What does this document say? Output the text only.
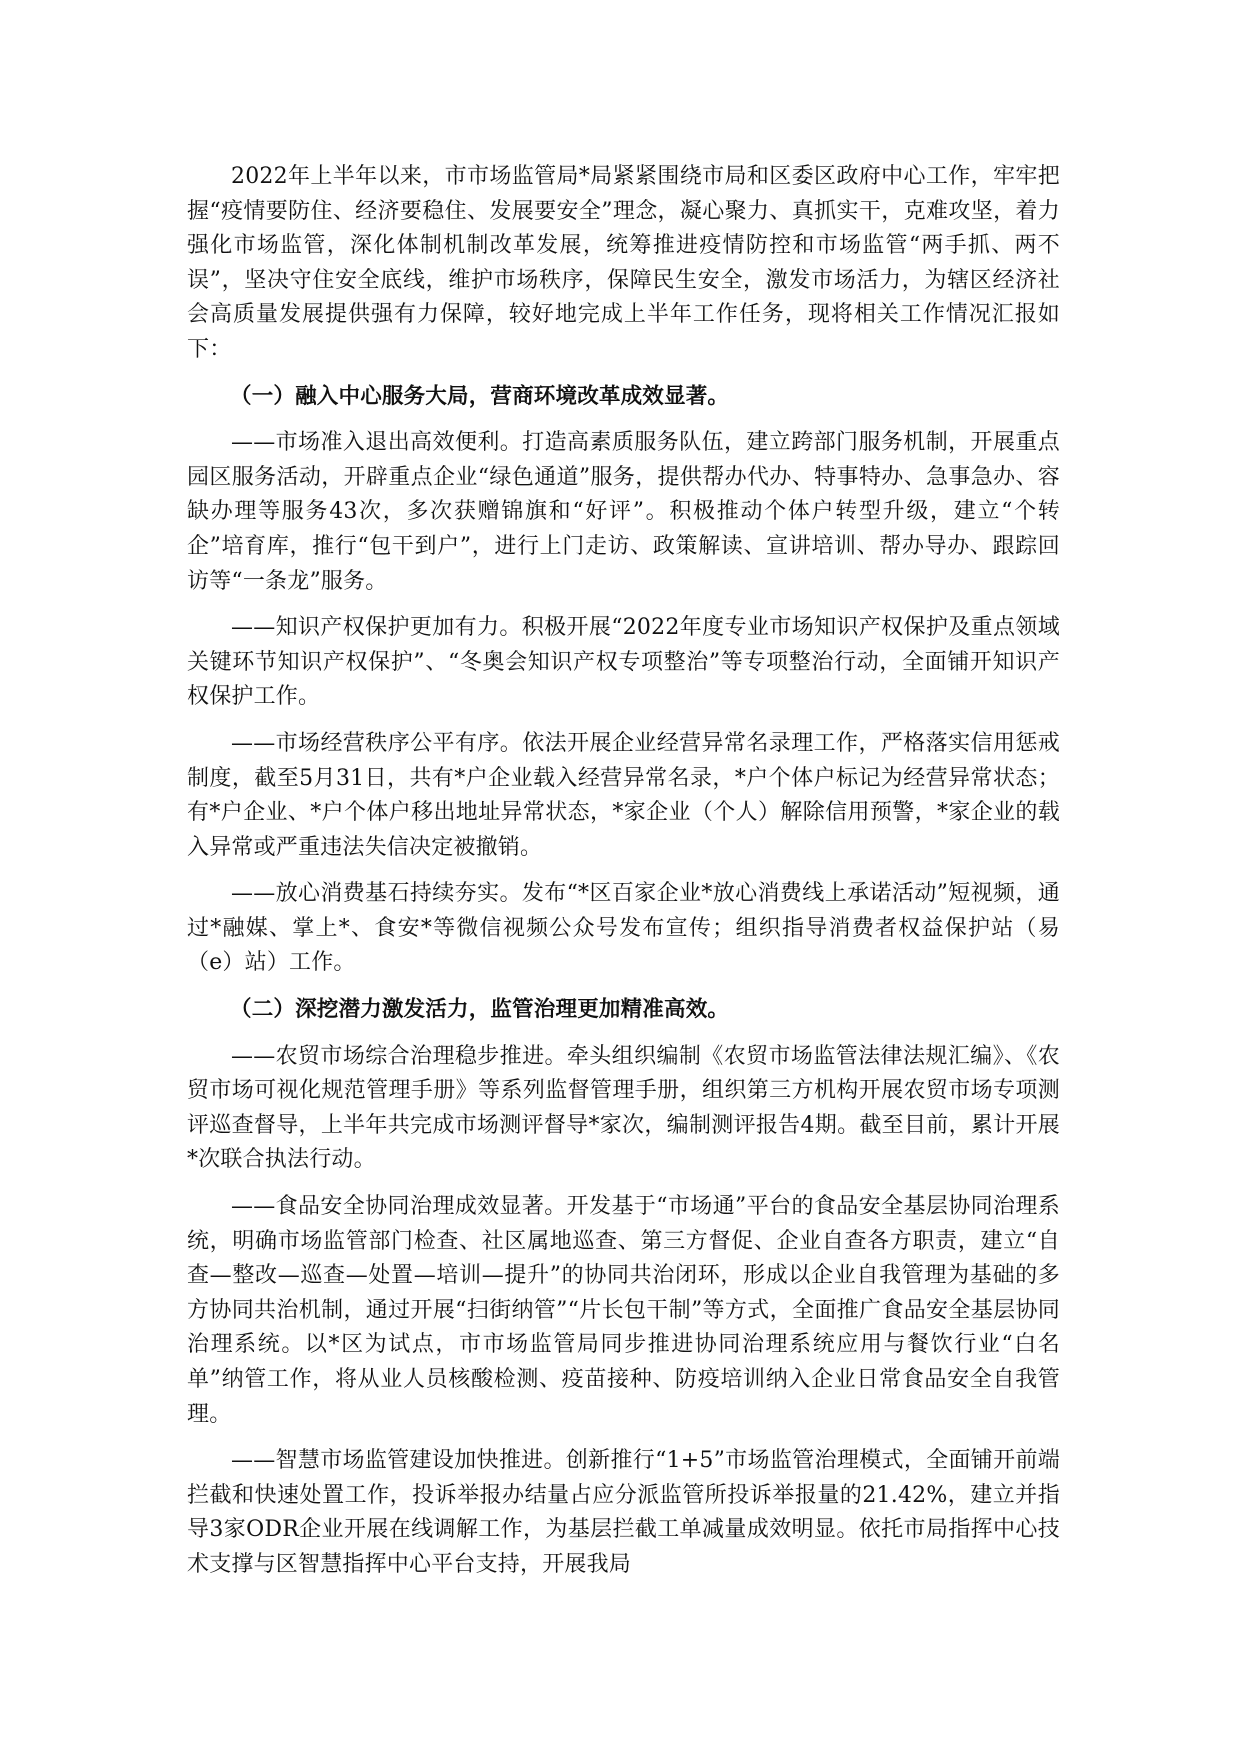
2022年上半年以来，市市场监管局*局紧紧围绕市局和区委区政府中心工作，牢牢把握“疫情要防住、经济要稳住、发展要安全”理念，凝心聚力、真抓实干，克难攻坚，着力强化市场监管，深化体制机制改革发展，统筹推进疫情防控和市场监管“两手抓、两不误”，坚决守住安全底线，维护市场秩序，保障民生安全，激发市场活力，为辖区经济社会高质量发展提供强有力保障，较好地完成上半年工作任务，现将相关工作情况汇报如下：

（一）融入中心服务大局，营商环境改革成效显著。

——市场准入退出高效便利。打造高素质服务队伍，建立跨部门服务机制，开展重点园区服务活动，开辟重点企业“绿色通道”服务，提供帮办代办、特事特办、急事急办、容缺办理等服务43次，多次获赠锦旗和“好评”。积极推动个体户转型升级，建立“个转企”培育库，推行“包干到户”，进行上门走访、政策解读、宣讲培训、帮办导办、跟踪回访等“一条龙”服务。

——知识产权保护更加有力。积极开展“2022年度专业市场知识产权保护及重点领域关键环节知识产权保护”、“冬奥会知识产权专项整治”等专项整治行动，全面铺开知识产权保护工作。

——市场经营秩序公平有序。依法开展企业经营异常名录理工作，严格落实信用惩戒制度，截至5月31日，共有*户企业载入经营异常名录，*户个体户标记为经营异常状态；有*户企业、*户个体户移出地址异常状态，*家企业（个人）解除信用预警，*家企业的载入异常或严重违法失信决定被撤销。

——放心消费基石持续夯实。发布“*区百家企业*放心消费线上承诺活动”短视频，通过*融媒、掌上*、食安*等微信视频公众号发布宣传；组织指导消费者权益保护站（易（e）站）工作。

（二）深挖潜力激发活力，监管治理更加精准高效。

——农贸市场综合治理稳步推进。牵头组织编制《农贸市场监管法律法规汇编》、《农贸市场可视化规范管理手册》等系列监督管理手册，组织第三方机构开展农贸市场专项测评巡查督导，上半年共完成市场测评督导*家次，编制测评报告4期。截至目前，累计开展*次联合执法行动。

——食品安全协同治理成效显著。开发基于“市场通”平台的食品安全基层协同治理系统，明确市场监管部门检查、社区属地巡查、第三方督促、企业自查各方职责，建立“自查—整改—巡查—处置—培训—提升”的协同共治闭环，形成以企业自我管理为基础的多方协同共治机制，通过开展“扫街纳管”“片长包干制”等方式，全面推广食品安全基层协同治理系统。以*区为试点，市市场监管局同步推进协同治理系统应用与餐饮行业“白名单”纳管工作，将从业人员核酸检测、疫苗接种、防疫培训纳入企业日常食品安全自我管理。

——智慧市场监管建设加快推进。创新推行“1+5”市场监管治理模式，全面铺开前端拦截和快速处置工作，投诉举报办结量占应分派监管所投诉举报量的21.42%，建立并指导3家ODR企业开展在线调解工作，为基层拦截工单减量成效明显。依托市局指挥中心技术支撑与区智慧指挥中心平台支持，开展我局
